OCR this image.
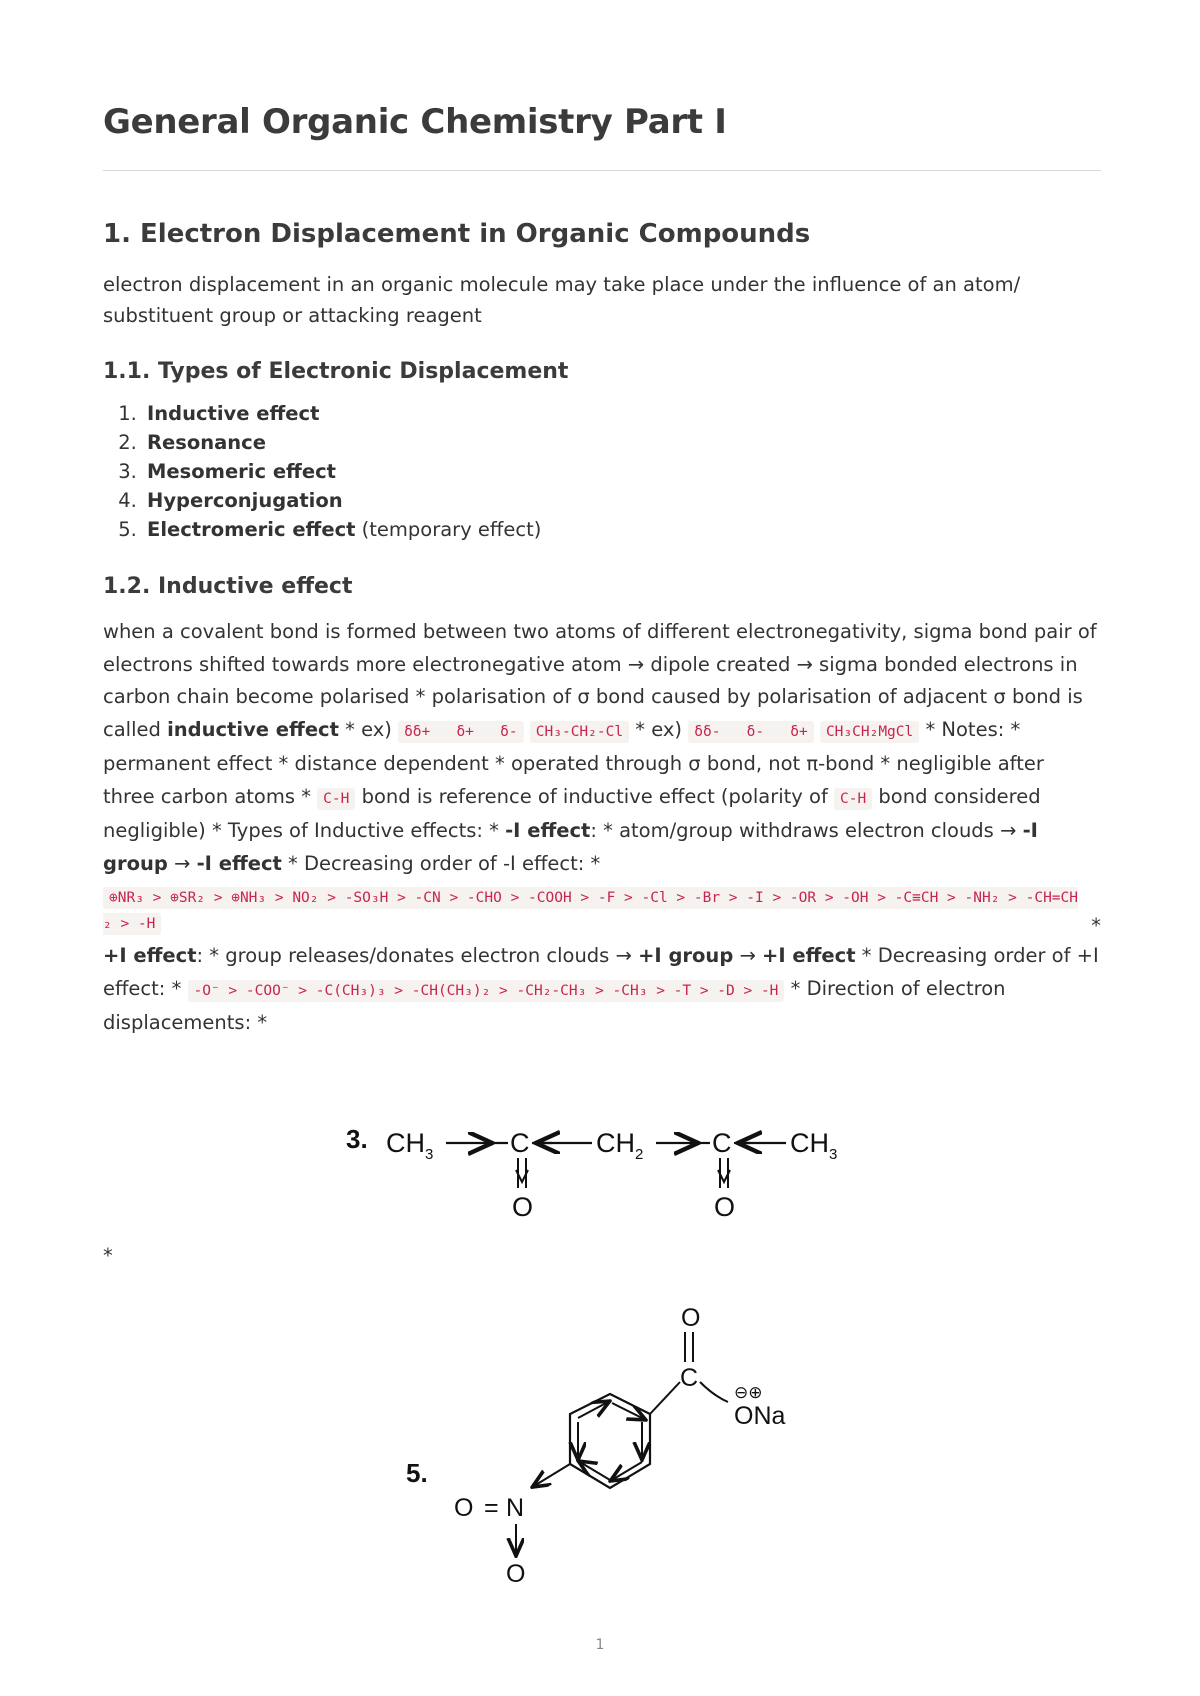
General Organic Chemistry Part I
1. Electron Displacement in Organic Compounds

electron displacement in an organic molecule may take place under the influence of an atom/ substituent group or attacking reagent

1.1. Types of Electronic Displacement
1. Inductive effect
2. Resonance
3. Mesomeric effect
4. Hyperconjugation
5. Electromeric effect (temporary effect)
1.2. Inductive effect

when a covalent bond is formed between two atoms of different electronegativity, sigma bond pair of electrons shifted towards more electronegative atom → dipole created → sigma bonded electrons in carbon chain become polarised * polarisation of σ bond caused by polarisation of adjacent σ bond is called inductive effect * ex) δδ+   δ+   δ- CH₃-CH₂-Cl * ex) δδ-   δ-   δ+ CH₃CH₂MgCl * Notes: * permanent effect * distance dependent * operated through σ bond, not π-bond * negligible after three carbon atoms * C-H bond is reference of inductive effect (polarity of C-H bond considered negligible) * Types of Inductive effects: * -I effect: * atom/group withdraws electron clouds → -I group → -I effect * Decreasing order of -I effect: *

⊕NR₃ > ⊕SR₂ > ⊕NH₃ > NO₂ > -SO₃H > -CN > -CHO > -COOH > -F > -Cl > -Br > -I > -OR > -OH > -C≡CH > -NH₂ > -CH=CH₂ > -H	*

+I effect: * group releases/donates electron clouds → +I group → +I effect * Decreasing order of +I effect: * -O⁻ > -COO⁻ > -C(CH₃)₃ > -CH(CH₃)₂ > -CH₂-CH₃ > -CH₃ > -T > -D > -H * Direction of electron displacements: *

3. $CH_3$	C $CH_2$	C $CH_3$
O	O
*
O
C
⊖⊕
ONa
5.
O = N
O
1
